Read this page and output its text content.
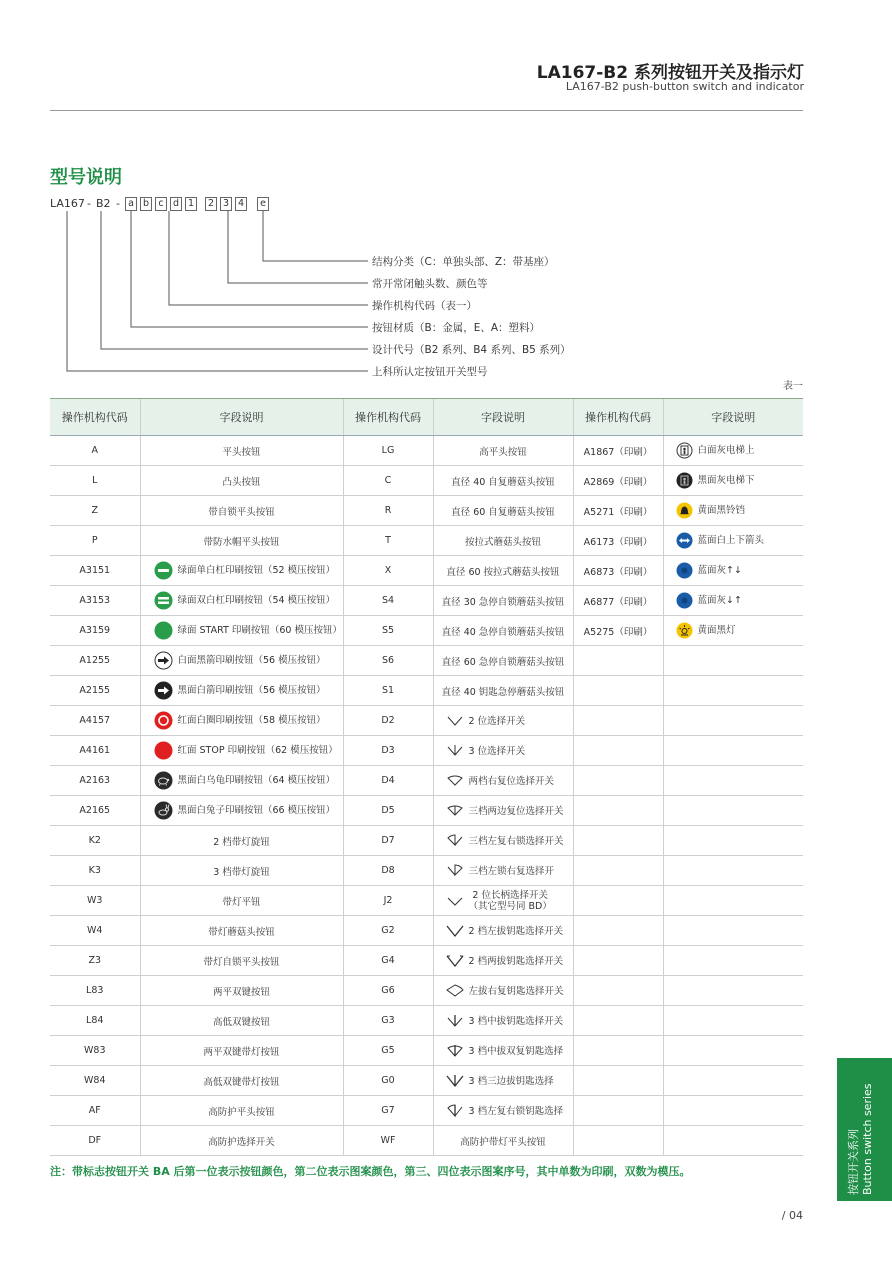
LA167-B2 系列按钮开关及指示灯
LA167-B2 push-button switch and indicator
型号说明
LA167 - B2 - a b c d 1	2 3 4	e
结构分类（C：单独头部、Z：带基座）
常开常闭触头数、颜色等
操作机构代码（表一）
按钮材质（B：金属，E、A：塑料）
设计代号（B2 系列、B4 系列、B5 系列）
上科所认定按钮开关型号
表一
操作机构代码	字段说明	操作机构代码	字段说明	操作机构代码	字段说明
A	平头按钮	LG	高平头按钮	A1867（印刷）	白面灰电梯上
L	凸头按钮	C	直径 40 自复蘑菇头按钮	A2869（印刷）	黑面灰电梯下
Z	带自锁平头按钮	R	直径 60 自复蘑菇头按钮	A5271（印刷）	黄面黑铃铛
P	带防水帽平头按钮	T	按拉式蘑菇头按钮	A6173（印刷）	蓝面白上下箭头
A3151	绿面单白杠印刷按钮（52 模压按钮）	X	直径 60 按拉式蘑菇头按钮	A6873（印刷）	蓝面灰↑↓
A3153	绿面双白杠印刷按钮（54 模压按钮）	S4	直径 30 急停自锁蘑菇头按钮	A6877（印刷）	蓝面灰↓↑
A3159	绿面 START 印刷按钮（60 模压按钮）	S5	直径 40 急停自锁蘑菇头按钮	A5275（印刷）	黄面黑灯
A1255	白面黑箭印刷按钮（56 模压按钮）	S6	直径 60 急停自锁蘑菇头按钮		
A2155	黑面白箭印刷按钮（56 模压按钮）	S1	直径 40 钥匙急停蘑菇头按钮		
A4157	红面白圈印刷按钮（58 模压按钮）	D2	2 位选择开关		
A4161	红面 STOP 印刷按钮（62 模压按钮）	D3	3 位选择开关		
A2163	黑面白乌龟印刷按钮（64 模压按钮）	D4	两档右复位选择开关		
A2165	黑面白兔子印刷按钮（66 模压按钮）	D5	三档两边复位选择开关		
K2	2 档带灯旋钮	D7	三档左复右锁选择开关		
K3	3 档带灯旋钮	D8	三档左锁右复选择开		
W3	带灯平钮	J2	2 位长柄选择开关
（其它型号同 BD）		

W4	带灯蘑菇头按钮	G2	2 档左拔钥匙选择开关		
Z3	带灯自锁平头按钮	G4	2 档两拔钥匙选择开关		
L83	两平双键按钮	G6	左拔右复钥匙选择开关		
L84	高低双键按钮	G3	3 档中拔钥匙选择开关		
W83	两平双键带灯按钮	G5	3 档中拔双复钥匙选择		
W84	高低双键带灯按钮	G0	3 档三边拔钥匙选择		
AF	高防护平头按钮	G7	3 档左复右锁钥匙选择		
DF	高防护选择开关	WF	高防护带灯平头按钮		
注：带标志按钮开关 BA 后第一位表示按钮颜色，第二位表示图案颜色，第三、四位表示图案序号，其中单数为印刷，双数为模压。	按钮开关系列 Button switch series
/ 04
